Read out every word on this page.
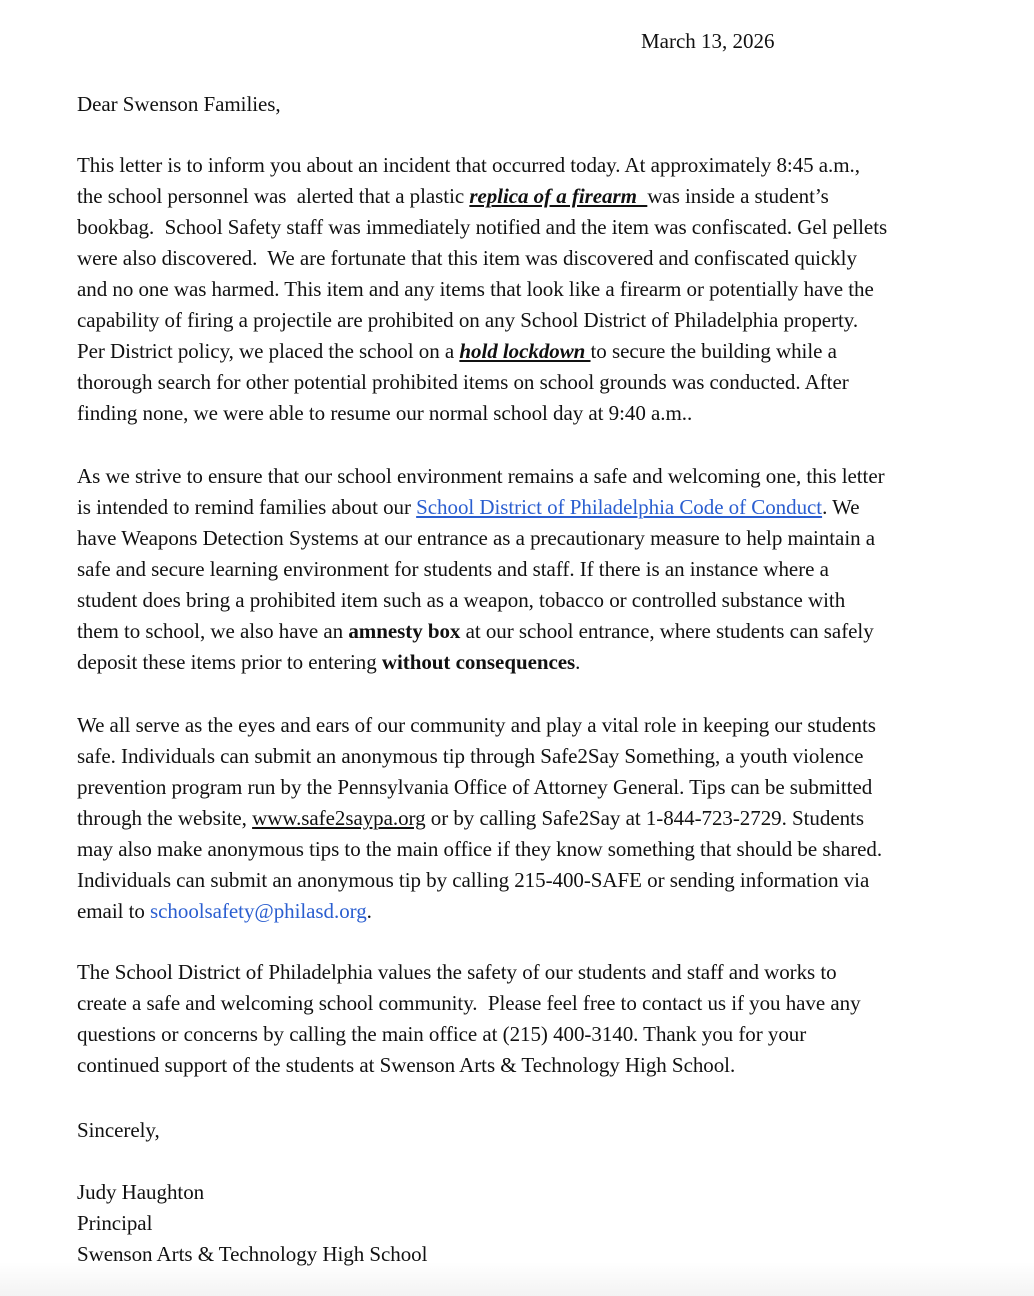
March 13, 2026
Dear Swenson Families,
This letter is to inform you about an incident that occurred today. At approximately 8:45 a.m.,
the school personnel was  alerted that a plastic replica of a firearm  was inside a student’s
bookbag.  School Safety staff was immediately notified and the item was confiscated. Gel pellets
were also discovered.  We are fortunate that this item was discovered and confiscated quickly
and no one was harmed. This item and any items that look like a firearm or potentially have the
capability of firing a projectile are prohibited on any School District of Philadelphia property.
Per District policy, we placed the school on a hold lockdown to secure the building while a
thorough search for other potential prohibited items on school grounds was conducted. After
finding none, we were able to resume our normal school day at 9:40 a.m..
As we strive to ensure that our school environment remains a safe and welcoming one, this letter
is intended to remind families about our School District of Philadelphia Code of Conduct. We
have Weapons Detection Systems at our entrance as a precautionary measure to help maintain a
safe and secure learning environment for students and staff. If there is an instance where a
student does bring a prohibited item such as a weapon, tobacco or controlled substance with
them to school, we also have an amnesty box at our school entrance, where students can safely
deposit these items prior to entering without consequences.
We all serve as the eyes and ears of our community and play a vital role in keeping our students
safe. Individuals can submit an anonymous tip through Safe2Say Something, a youth violence
prevention program run by the Pennsylvania Office of Attorney General. Tips can be submitted
through the website, www.safe2saypa.org or by calling Safe2Say at 1-844-723-2729. Students
may also make anonymous tips to the main office if they know something that should be shared.
Individuals can submit an anonymous tip by calling 215-400-SAFE or sending information via
email to schoolsafety@philasd.org.
The School District of Philadelphia values the safety of our students and staff and works to
create a safe and welcoming school community.  Please feel free to contact us if you have any
questions or concerns by calling the main office at (215) 400-3140. Thank you for your
continued support of the students at Swenson Arts & Technology High School.
Sincerely,
Judy Haughton
Principal
Swenson Arts & Technology High School
